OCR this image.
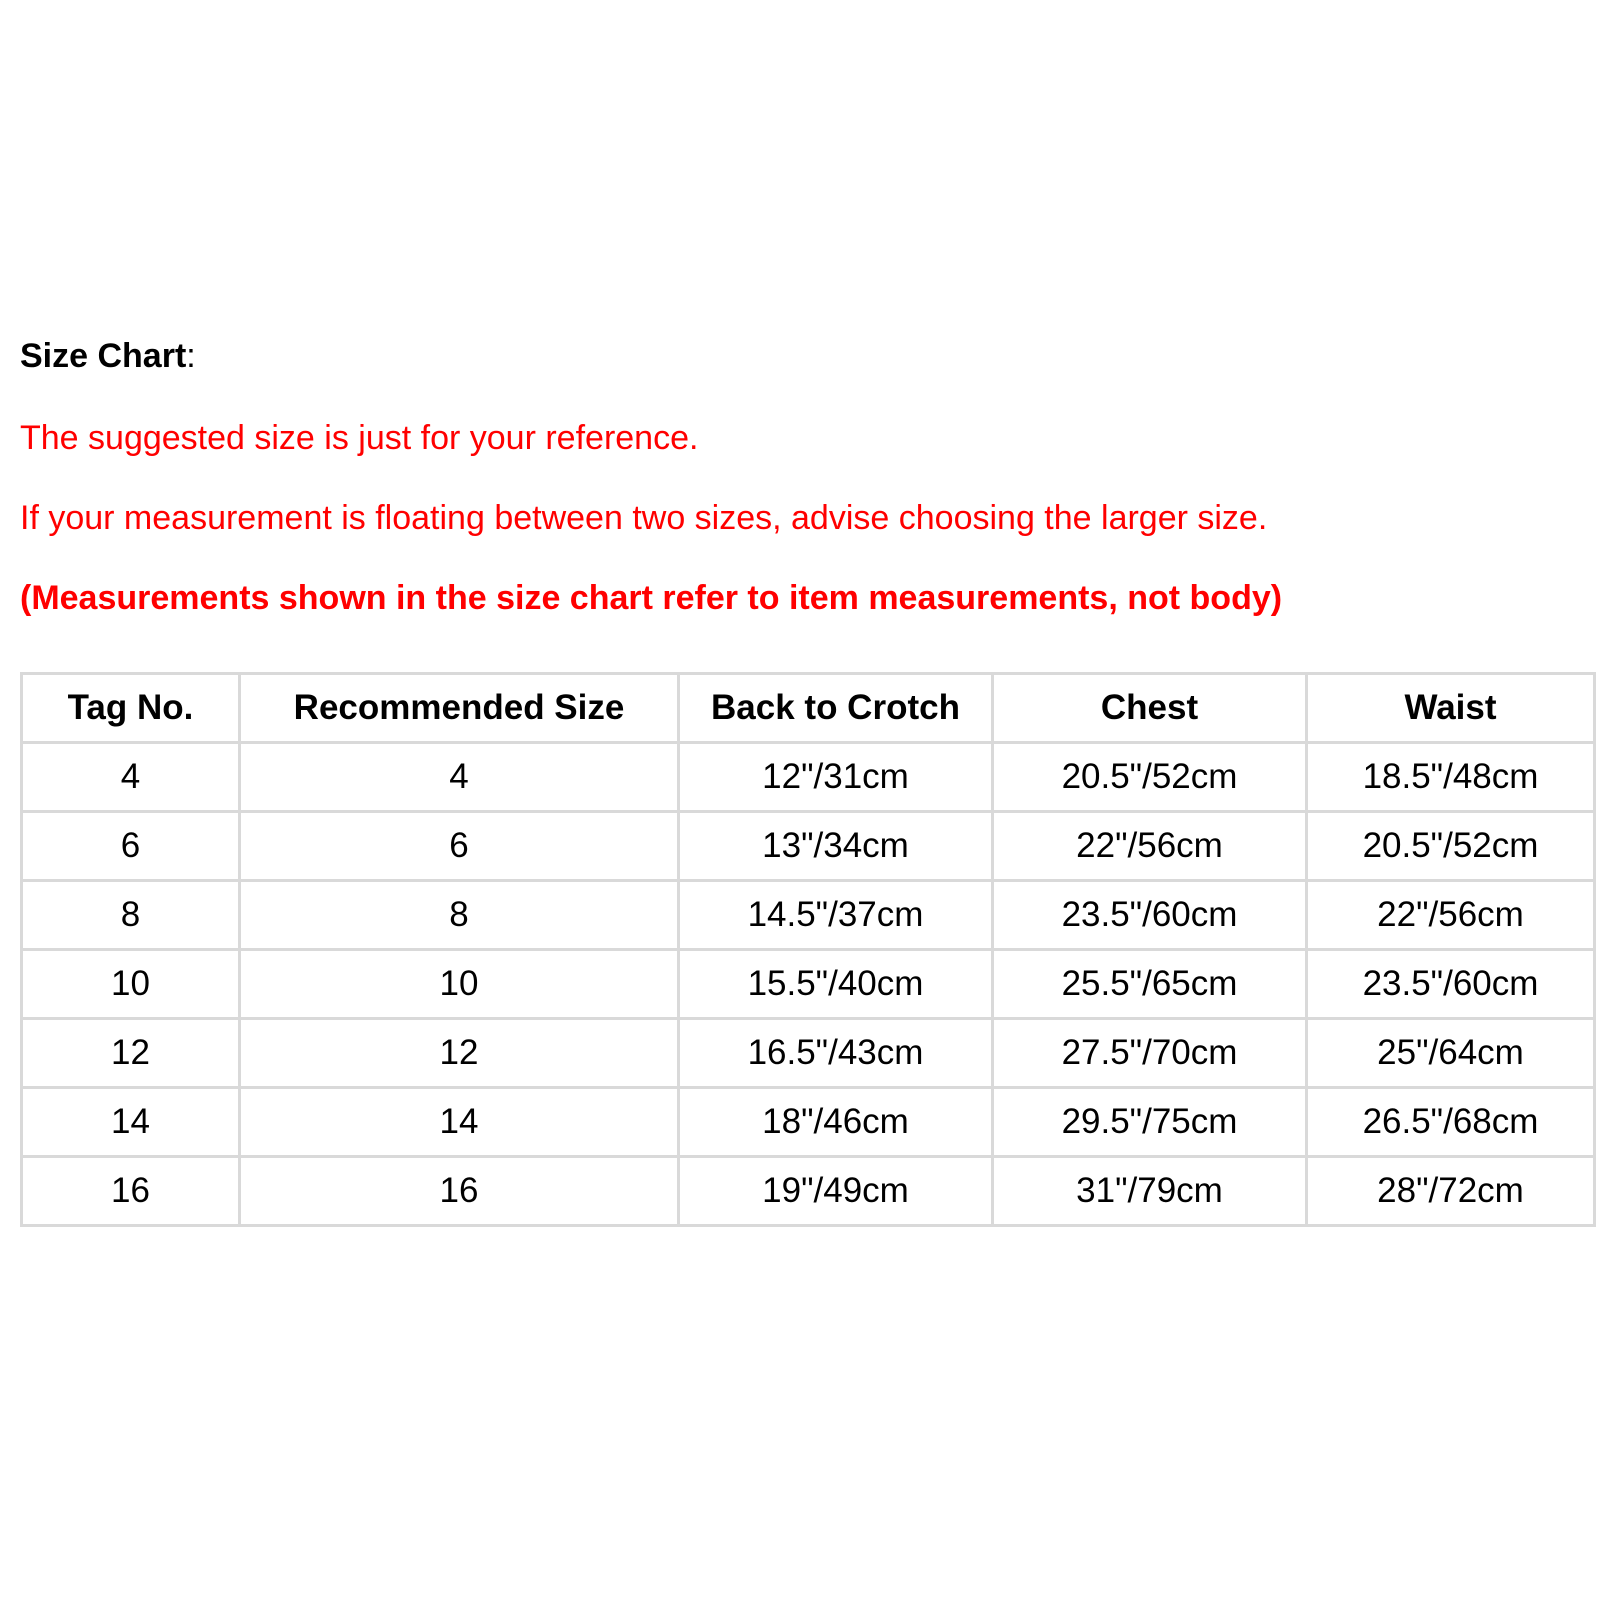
Size Chart:

The suggested size is just for your reference.

If your measurement is floating between two sizes, advise choosing the larger size.

(Measurements shown in the size chart refer to item measurements, not body)

Tag No.	Recommended Size	Back to Crotch	Chest	Waist
4	4	12"/31cm	20.5"/52cm	18.5"/48cm
6	6	13"/34cm	22"/56cm	20.5"/52cm
8	8	14.5"/37cm	23.5"/60cm	22"/56cm
10	10	15.5"/40cm	25.5"/65cm	23.5"/60cm
12	12	16.5"/43cm	27.5"/70cm	25"/64cm
14	14	18"/46cm	29.5"/75cm	26.5"/68cm
16	16	19"/49cm	31"/79cm	28"/72cm
